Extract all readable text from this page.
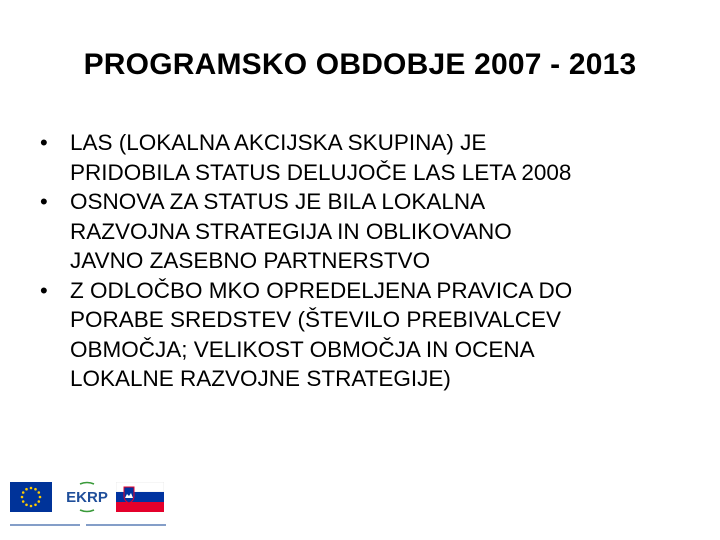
PROGRAMSKO OBDOBJE 2007 - 2013
• LAS (LOKALNA AKCIJSKA SKUPINA) JE
PRIDOBILA STATUS DELUJOČE LAS LETA 2008
• OSNOVA ZA STATUS JE BILA LOKALNA
RAZVOJNA STRATEGIJA IN OBLIKOVANO
JAVNO ZASEBNO PARTNERSTVO
• Z ODLOČBO MKO OPREDELJENA PRAVICA DO
PORABE SREDSTEV (ŠTEVILO PREBIVALCEV
OBMOČJA; VELIKOST OBMOČJA IN OCENA
LOKALNE RAZVOJNE STRATEGIJE)
EKRP
